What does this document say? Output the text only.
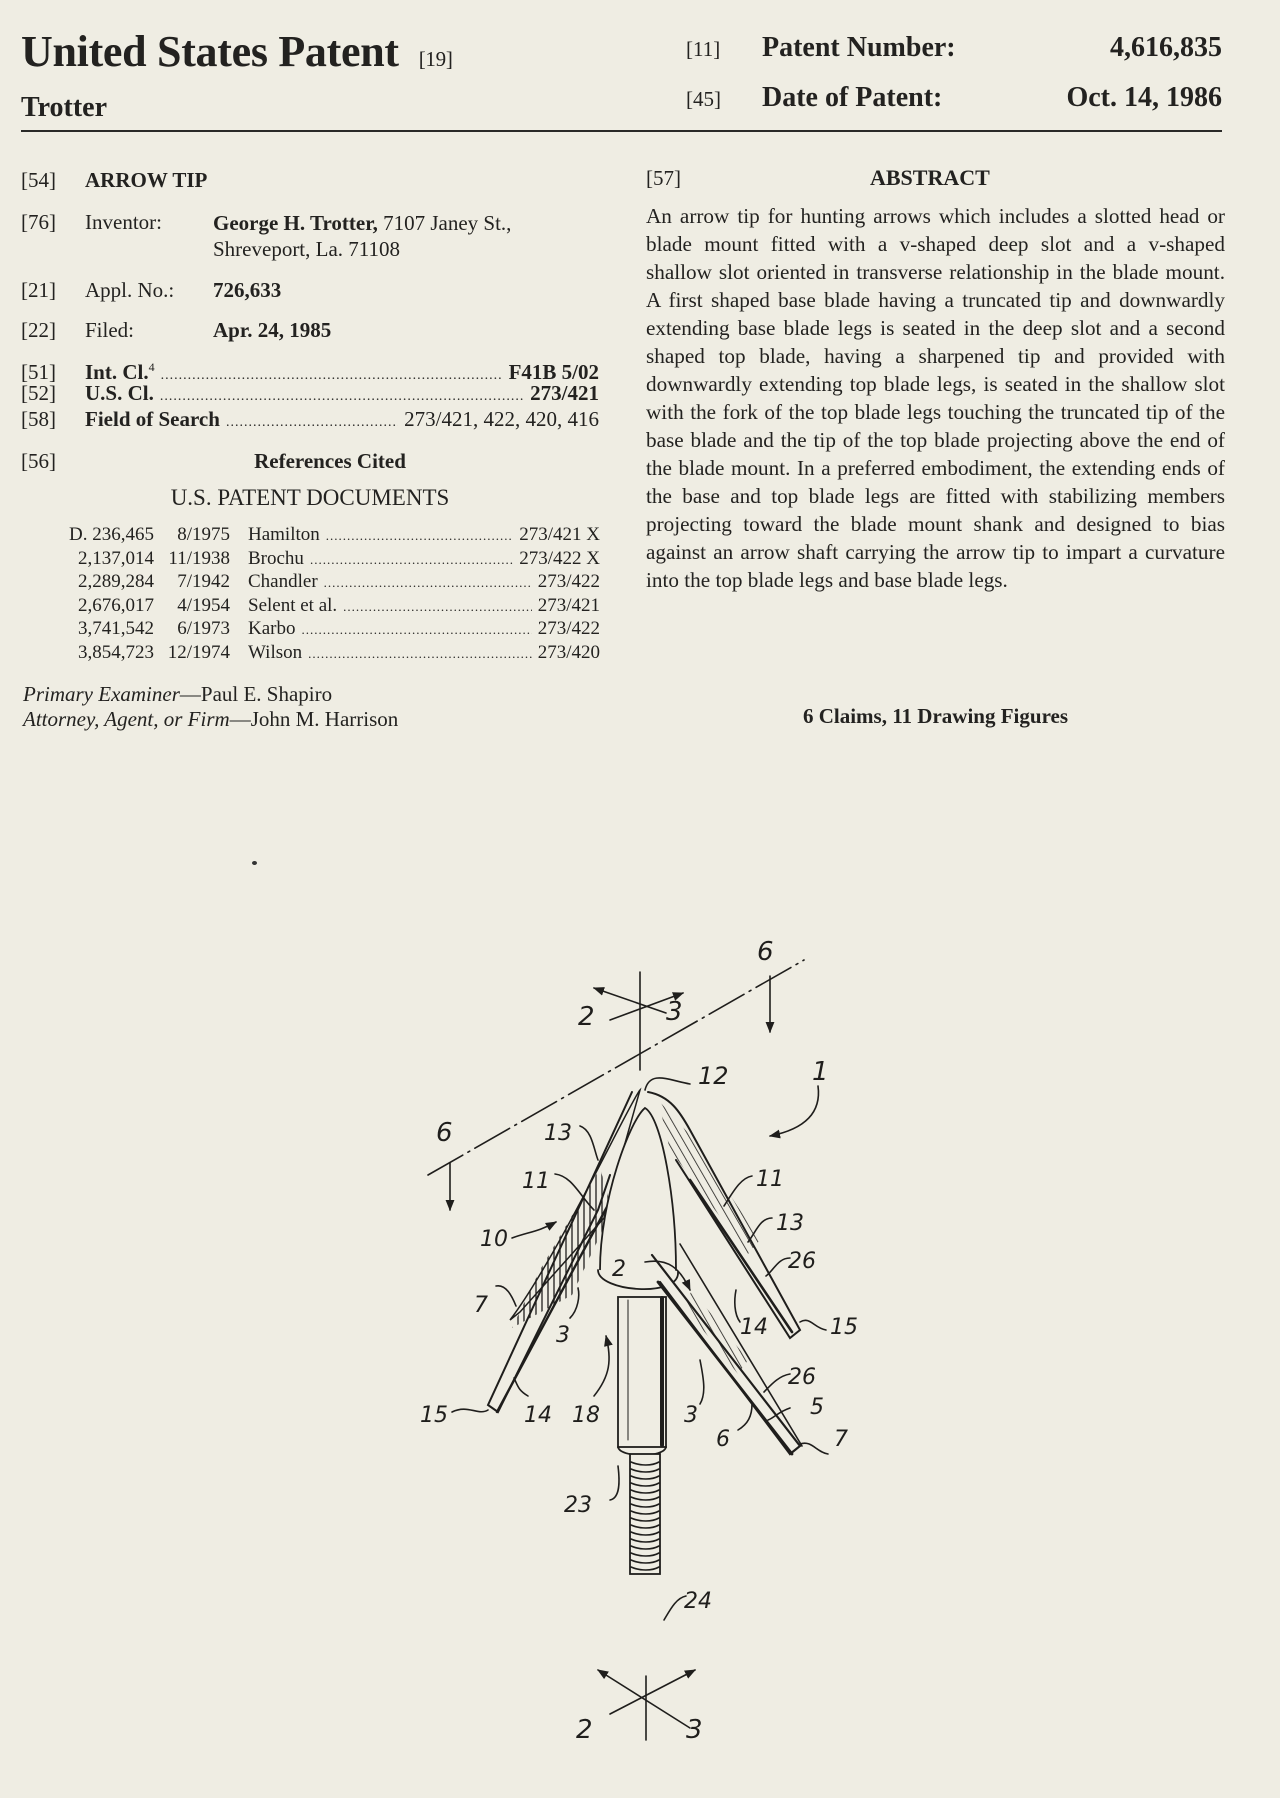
United States Patent [19]
Trotter
[11]	Patent Number:	4,616,835
[45]	Date of Patent:	Oct. 14, 1986
[54]	ARROW TIP
[76]	Inventor:	George H. Trotter, 7107 Janey St.,
Shreveport, La. 71108
[21]	Appl. No.:	726,633
[22]	Filed:	Apr. 24, 1985
[51]	Int. Cl.$^4$ .....	F41B 5/02
[52]	U.S. Cl. .....	273/421
[58]	Field of Search .....	273/421, 422, 420, 416
[56]	References Cited
U.S. PATENT DOCUMENTS
D. 236,465	8/1975 Hamilton .....	273/421 X
2,137,014 11/1938 Brochu .....	273/422 X
2,289,284	7/1942 Chandler .....	273/422
2,676,017	4/1954 Selent et al. .....	273/421
3,741,542	6/1973 Karbo .....	273/422
3,854,723 12/1974 Wilson .....	273/420
Primary Examiner—Paul E. Shapiro
Attorney, Agent, or Firm—John M. Harrison
[57]	ABSTRACT
An arrow tip for hunting arrows which includes a slotted head or blade mount fitted with a v-shaped deep slot and a v-shaped shallow slot oriented in transverse relationship in the blade mount. A first shaped base blade having a truncated tip and downwardly extending base blade legs is seated in the deep slot and a second shaped top blade, having a sharpened tip and provided with downwardly extending top blade legs, is seated in the shallow slot with the fork of the top blade legs touching the truncated tip of the base blade and the tip of the top blade projecting above the end of the blade mount. In a preferred embodiment, the extending ends of the base and top blade legs are fitted with stabilizing members projecting toward the blade mount shank and designed to bias against an arrow shaft carrying the arrow tip to impart a curvature into the top blade legs and base blade legs.
6 Claims, 11 Drawing Figures
6
6
2	3
2	3
1
12
13
11	11
13
10
2	26
7
14	15
3
26
5
15	14 18	3
6	7
23
24
